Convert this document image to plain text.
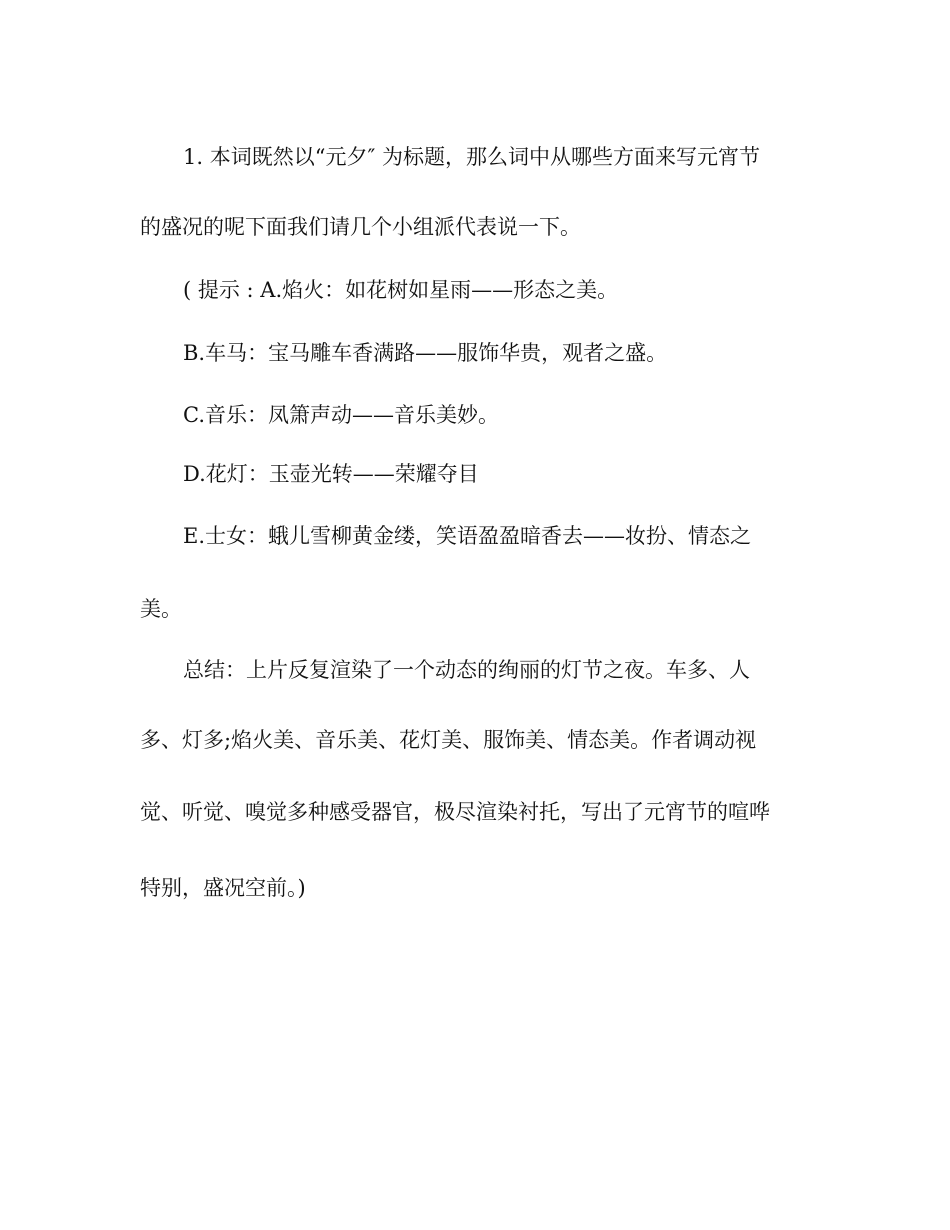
1. 本词既然以“元夕″ 为标题，那么词中从哪些方面来写元宵节
的盛况的呢下面我们请几个小组派代表说一下。
( 提示 : A.焰火：如花树如星雨——形态之美。
B.车马：宝马雕车香满路——服饰华贵，观者之盛。
C.音乐：凤箫声动——音乐美妙。
D.花灯：玉壶光转——荣耀夺目
E.士女：蛾儿雪柳黄金缕，笑语盈盈暗香去——妆扮、情态之
美。
总结：上片反复渲染了一个动态的绚丽的灯节之夜。车多、人
多、灯多;焰火美、音乐美、花灯美、服饰美、情态美。作者调动视
觉、听觉、嗅觉多种感受器官，极尽渲染衬托，写出了元宵节的喧哗
特别，盛况空前。)
